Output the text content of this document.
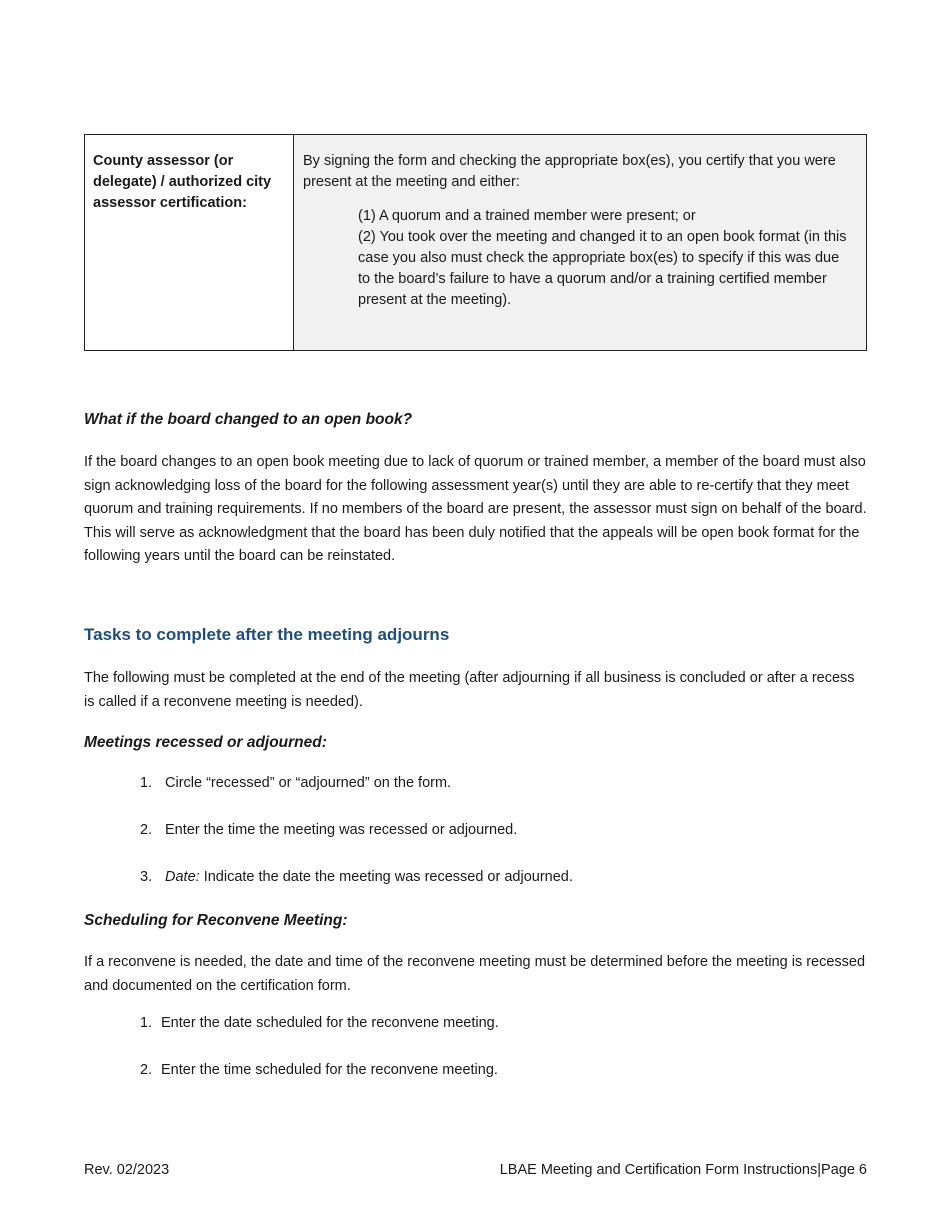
County assessor (or delegate) / authorized city assessor certification:
By signing the form and checking the appropriate box(es), you certify that you were present at the meeting and either:
(1) A quorum and a trained member were present; or
(2) You took over the meeting and changed it to an open book format (in this case you also must check the appropriate box(es) to specify if this was due to the board’s failure to have a quorum and/or a training certified member present at the meeting).
What if the board changed to an open book?
If the board changes to an open book meeting due to lack of quorum or trained member, a member of the board must also sign acknowledging loss of the board for the following assessment year(s) until they are able to re-certify that they meet quorum and training requirements. If no members of the board are present, the assessor must sign on behalf of the board. This will serve as acknowledgment that the board has been duly notified that the appeals will be open book format for the following years until the board can be reinstated.
Tasks to complete after the meeting adjourns
The following must be completed at the end of the meeting (after adjourning if all business is concluded or after a recess is called if a reconvene meeting is needed).
Meetings recessed or adjourned:
1. Circle “recessed” or “adjourned” on the form.
2. Enter the time the meeting was recessed or adjourned.
3. Date: Indicate the date the meeting was recessed or adjourned.
Scheduling for Reconvene Meeting:
If a reconvene is needed, the date and time of the reconvene meeting must be determined before the meeting is recessed and documented on the certification form.
1. Enter the date scheduled for the reconvene meeting.
2. Enter the time scheduled for the reconvene meeting.
Rev. 02/2023	LBAE Meeting and Certification Form Instructions|Page 6
